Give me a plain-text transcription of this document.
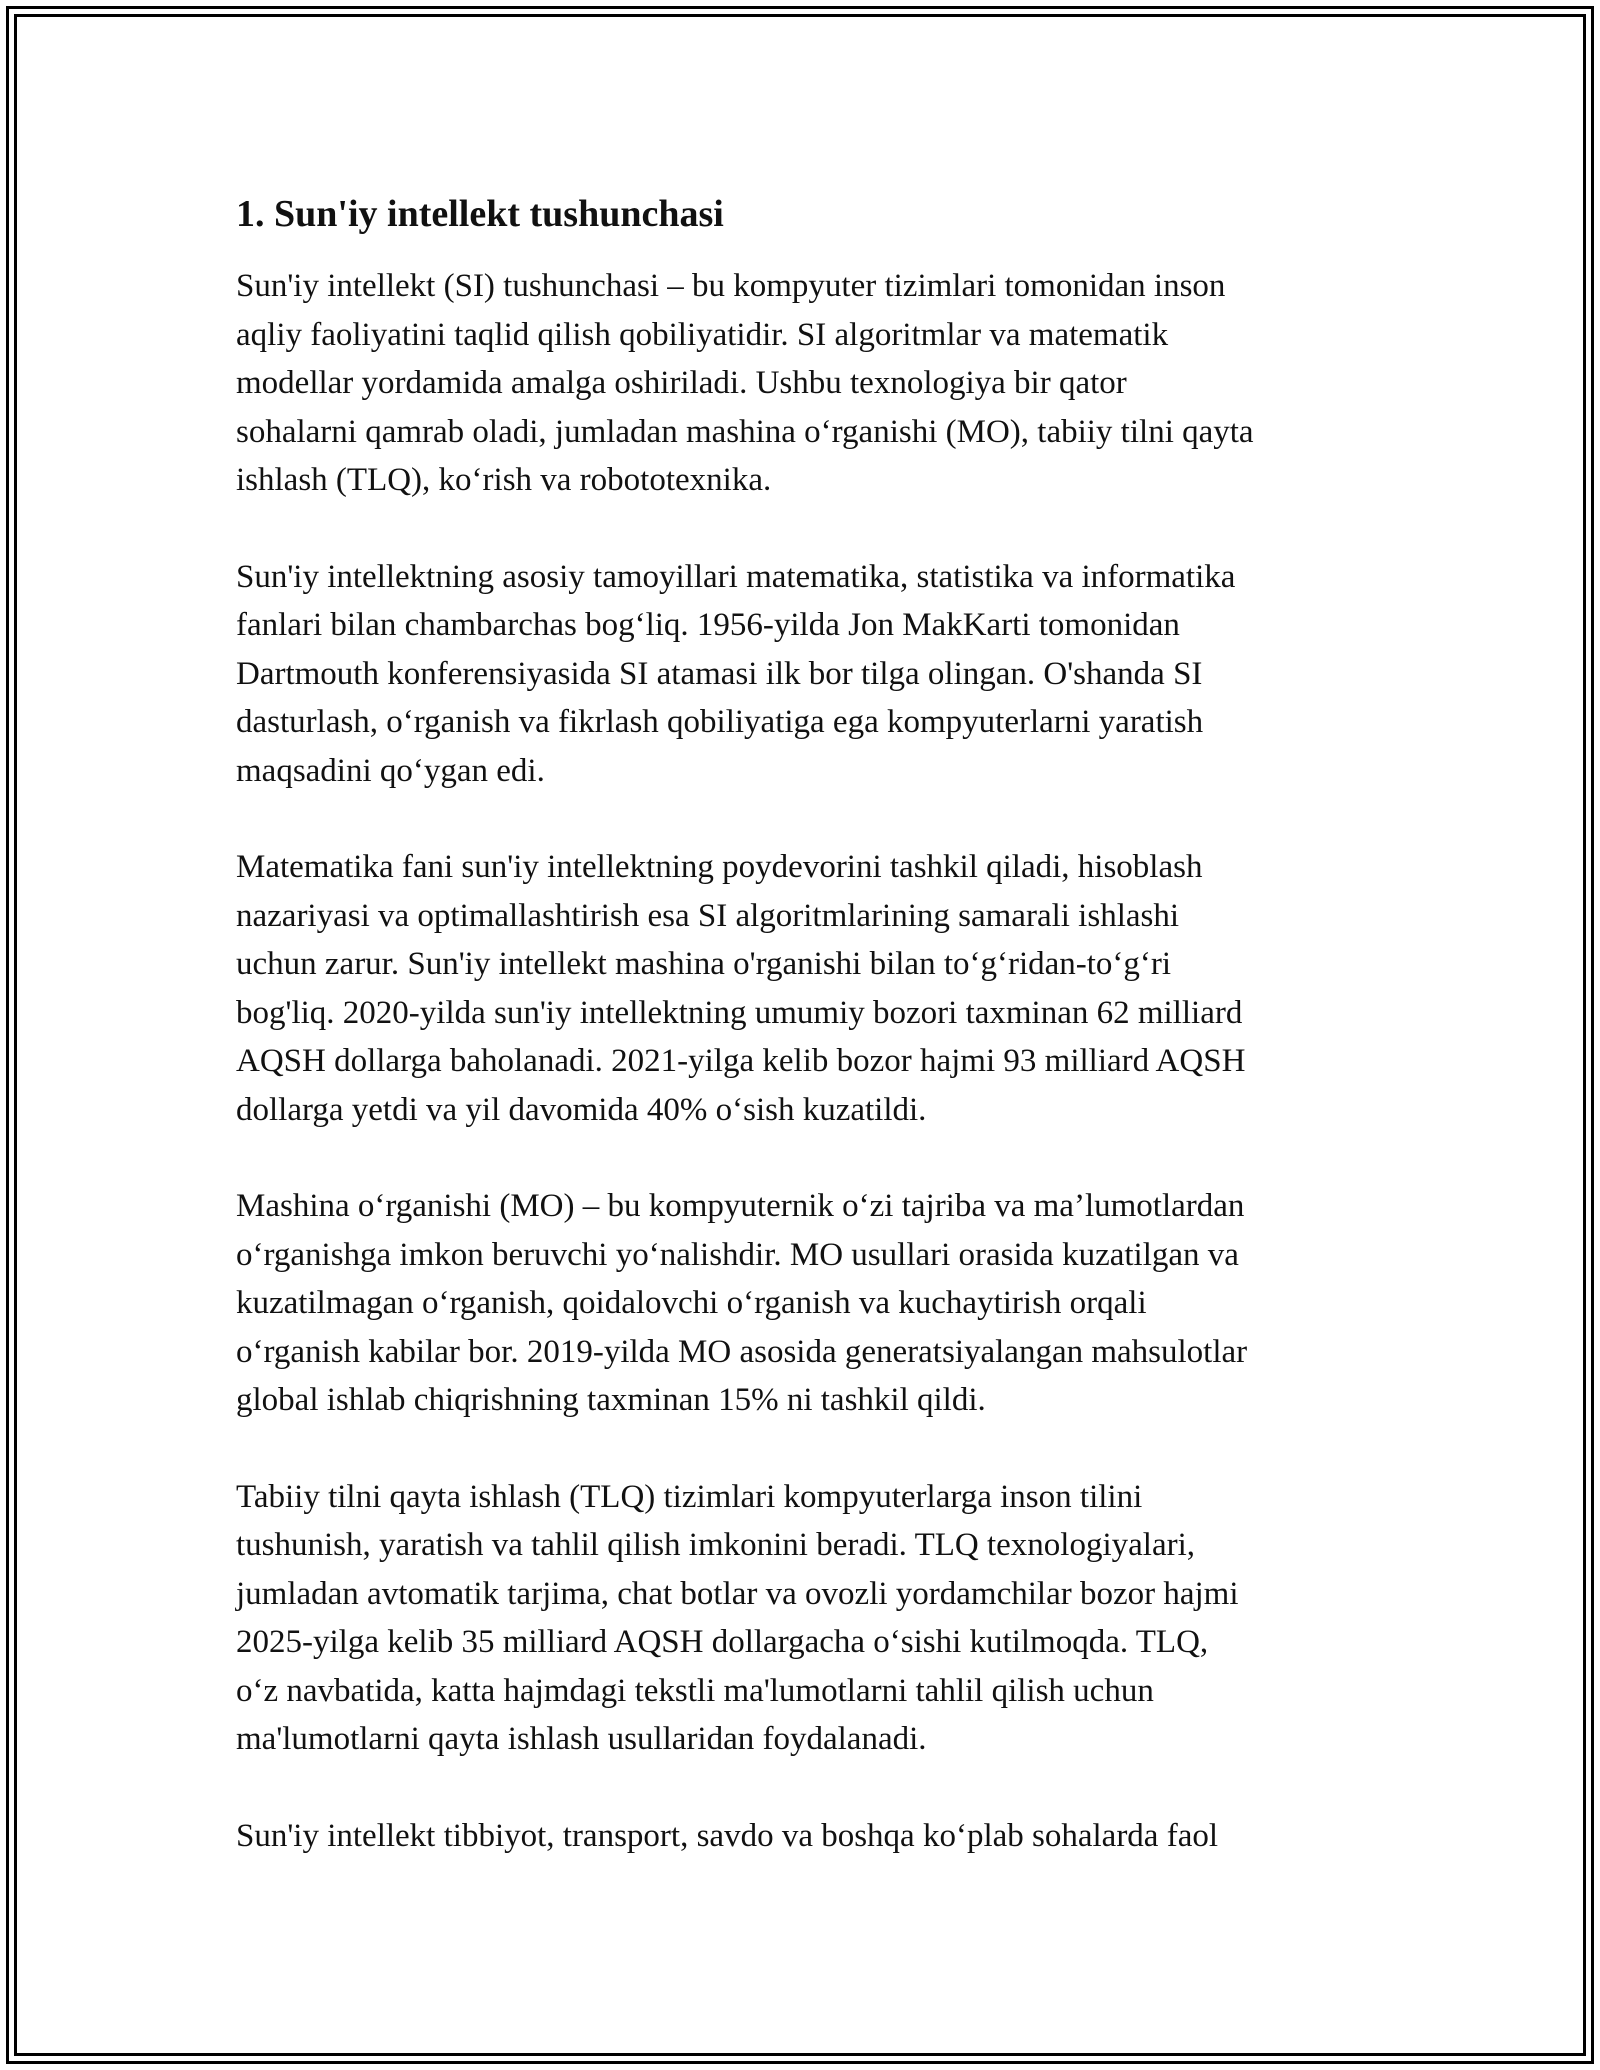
1. Sun'iy intellekt tushunchasi

Sun'iy intellekt (SI) tushunchasi – bu kompyuter tizimlari tomonidan inson
aqliy faoliyatini taqlid qilish qobiliyatidir. SI algoritmlar va matematik
modellar yordamida amalga oshiriladi. Ushbu texnologiya bir qator
sohalarni qamrab oladi, jumladan mashina oʻrganishi (MO), tabiiy tilni qayta
ishlash (TLQ), koʻrish va robototexnika.

Sun'iy intellektning asosiy tamoyillari matematika, statistika va informatika
fanlari bilan chambarchas bogʻliq. 1956-yilda Jon MakKarti tomonidan
Dartmouth konferensiyasida SI atamasi ilk bor tilga olingan. O'shanda SI
dasturlash, oʻrganish va fikrlash qobiliyatiga ega kompyuterlarni yaratish
maqsadini qoʻygan edi.

Matematika fani sun'iy intellektning poydevorini tashkil qiladi, hisoblash
nazariyasi va optimallashtirish esa SI algoritmlarining samarali ishlashi
uchun zarur. Sun'iy intellekt mashina o'rganishi bilan toʻgʻridan-toʻgʻri
bog'liq. 2020-yilda sun'iy intellektning umumiy bozori taxminan 62 milliard
AQSH dollarga baholanadi. 2021-yilga kelib bozor hajmi 93 milliard AQSH
dollarga yetdi va yil davomida 40% oʻsish kuzatildi.

Mashina oʻrganishi (MO) – bu kompyuternik oʻzi tajriba va ma’lumotlardan
oʻrganishga imkon beruvchi yoʻnalishdir. MO usullari orasida kuzatilgan va
kuzatilmagan oʻrganish, qoidalovchi oʻrganish va kuchaytirish orqali
oʻrganish kabilar bor. 2019-yilda MO asosida generatsiyalangan mahsulotlar
global ishlab chiqrishning taxminan 15% ni tashkil qildi.

Tabiiy tilni qayta ishlash (TLQ) tizimlari kompyuterlarga inson tilini
tushunish, yaratish va tahlil qilish imkonini beradi. TLQ texnologiyalari,
jumladan avtomatik tarjima, chat botlar va ovozli yordamchilar bozor hajmi
2025-yilga kelib 35 milliard AQSH dollargacha oʻsishi kutilmoqda. TLQ,
oʻz navbatida, katta hajmdagi tekstli ma'lumotlarni tahlil qilish uchun
ma'lumotlarni qayta ishlash usullaridan foydalanadi.

Sun'iy intellekt tibbiyot, transport, savdo va boshqa koʻplab sohalarda faol
